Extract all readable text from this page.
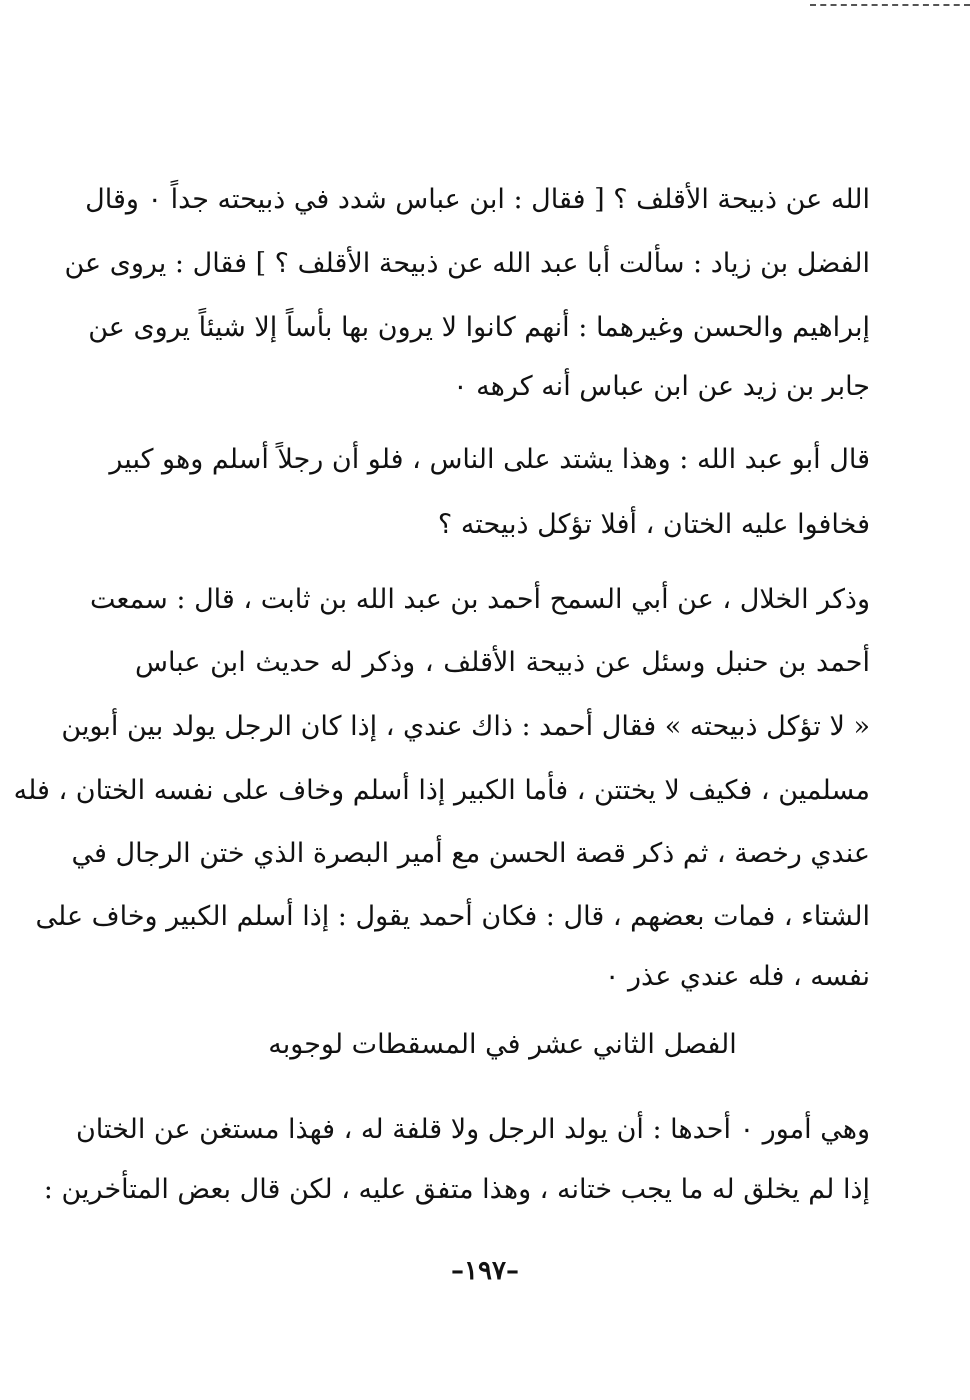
الله عن ذبيحة الأقلف ؟ [ فقال : ابن عباس شدد في ذبيحته جداً ٠ وقال
الفضل بن زياد : سألت أبا عبد الله عن ذبيحة الأقلف ؟ ] فقال : يروى عن
إبراهيم والحسن وغيرهما : أنهم كانوا لا يرون بها بأساً إلا شيئاً يروى عن
جابر بن زيد عن ابن عباس أنه كرهه ٠
قال أبو عبد الله : وهذا يشتد على الناس ، فلو أن رجلاً أسلم وهو كبير
فخافوا عليه الختان ، أفلا تؤكل ذبيحته ؟
وذكر الخلال ، عن أبي السمح أحمد بن عبد الله بن ثابت ، قال : سمعت
أحمد بن حنبل وسئل عن ذبيحة الأقلف ، وذكر له حديث ابن عباس
« لا تؤكل ذبيحته » فقال أحمد : ذاك عندي ، إذا كان الرجل يولد بين أبوين
مسلمين ، فكيف لا يختتن ، فأما الكبير إذا أسلم وخاف على نفسه الختان ، فله
عندي رخصة ، ثم ذكر قصة الحسن مع أمير البصرة الذي ختن الرجال في
الشتاء ، فمات بعضهم ، قال : فكان أحمد يقول : إذا أسلم الكبير وخاف على
نفسه ، فله عندي عذر ٠
وهي أمور ٠ أحدها : أن يولد الرجل ولا قلفة له ، فهذا مستغن عن الختان
إذا لم يخلق له ما يجب ختانه ، وهذا متفق عليه ، لكن قال بعض المتأخرين :
الفصل الثاني عشر في المسقطات لوجوبه
–١٩٧–
